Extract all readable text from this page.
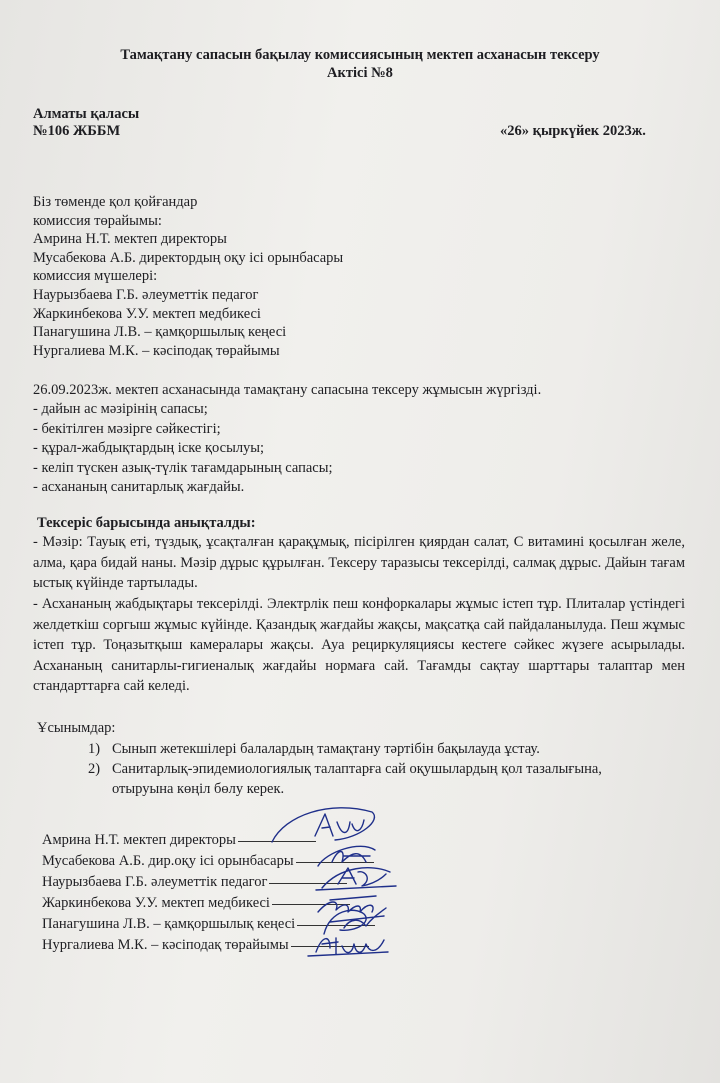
Тамақтану сапасын бақылау комиссиясының мектеп асханасын тексеру
Актісі №8
Алматы қаласы
№106 ЖББМ	«26» қыркүйек 2023ж.
Біз төменде қол қойғандар
комиссия төрайымы:
Амрина Н.Т. мектеп директоры
Мусабекова А.Б. директордың оқу ісі орынбасары
комиссия мүшелері:
Наурызбаева Г.Б. әлеуметтік педагог
Жаркинбекова У.У. мектеп медбикесі
Панагушина Л.В. – қамқоршылық кеңесі
Нургалиева М.К. – кәсіподақ төрайымы
26.09.2023ж. мектеп асханасында тамақтану сапасына тексеру жұмысын жүргізді.
- дайын ас мәзірінің сапасы;
- бекітілген мәзірге сәйкестігі;
- құрал-жабдықтардың іске қосылуы;
- келіп түскен азық-түлік тағамдарының сапасы;
- асхананың санитарлық жағдайы.
Тексеріс барысында анықталды:
- Мәзір: Тауық еті, түздық, ұсақталған қарақұмық, пісірілген қиярдан салат, С витамині қосылған желе, алма, қара бидай наны. Мәзір дұрыс құрылған. Тексеру таразысы тексерілді, салмақ дұрыс. Дайын тағам ыстық күйінде тартылады.
- Асхананың жабдықтары тексерілді. Электрлік пеш конфоркалары жұмыс істеп тұр. Плиталар үстіндегі желдеткіш соргыш жұмыс күйінде. Қазандық жағдайы жақсы, мақсатқа сай пайдаланылуда. Пеш жұмыс істеп тұр. Тоңазытқыш камералары жақсы. Ауа рециркуляциясы кестеге сәйкес жүзеге асырылады. Асхананың санитарлы-гигиеналық жағдайы нормаға сай. Тағамды сақтау шарттары талаптар мен стандарттарға сай келеді.
Ұсынымдар:
1) Сынып жетекшілері балалардың тамақтану тәртібін бақылауда ұстау.
2) Санитарлық-эпидемиологиялық талаптарға сай оқушылардың қол тазалығына,
отыруына көңіл бөлу керек.
Амрина Н.Т. мектеп директоры
Мусабекова А.Б. дир.оқу ісі орынбасары
Наурызбаева Г.Б. әлеуметтік педагог
Жаркинбекова У.У. мектеп медбикесі
Панагушина Л.В. – қамқоршылық кеңесі
Нургалиева М.К. – кәсіподақ төрайымы
